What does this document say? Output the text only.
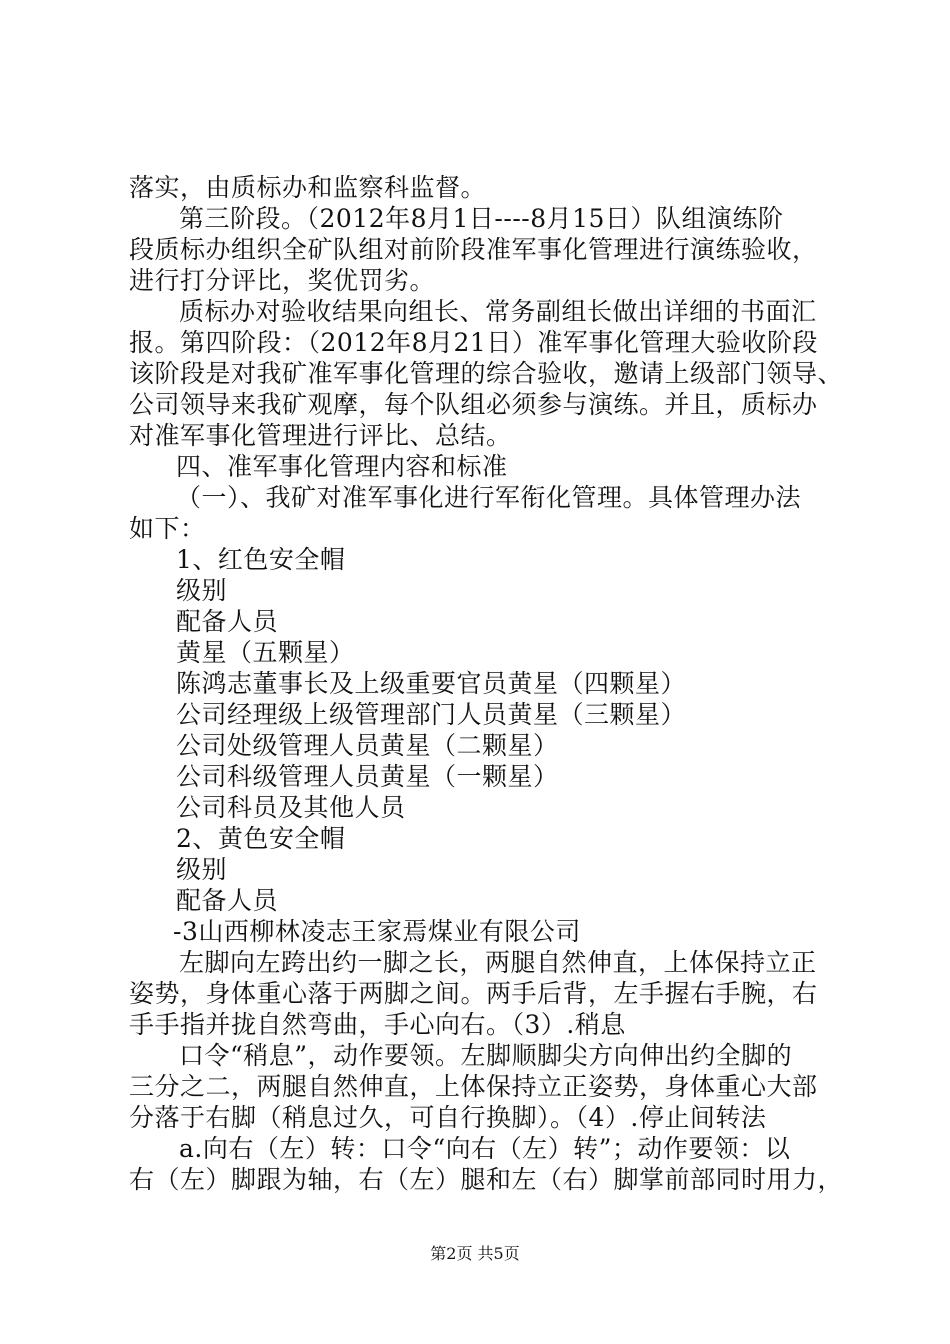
落实，由质标办和监察科监督。
第三阶段。（2012年8月1日----8月15日）队组演练阶
段质标办组织全矿队组对前阶段准军事化管理进行演练验收，
进行打分评比，奖优罚劣。
质标办对验收结果向组长、常务副组长做出详细的书面汇
报。第四阶段：（2012年8月21日）准军事化管理大验收阶段
该阶段是对我矿准军事化管理的综合验收，邀请上级部门领导、
公司领导来我矿观摩，每个队组必须参与演练。并且，质标办
对准军事化管理进行评比、总结。
四、准军事化管理内容和标准
（一）、我矿对准军事化进行军衔化管理。具体管理办法
如下：
1、红色安全帽
级别
配备人员
黄星（五颗星）
陈鸿志董事长及上级重要官员黄星（四颗星）
公司经理级上级管理部门人员黄星（三颗星）
公司处级管理人员黄星（二颗星）
公司科级管理人员黄星（一颗星）
公司科员及其他人员
2、黄色安全帽
级别
配备人员
-3山西柳林凌志王家焉煤业有限公司
左脚向左跨出约一脚之长，两腿自然伸直，上体保持立正
姿势，身体重心落于两脚之间。两手后背，左手握右手腕，右
手手指并拢自然弯曲，手心向右。（3）.稍息
口令“稍息”，动作要领。左脚顺脚尖方向伸出约全脚的
三分之二，两腿自然伸直，上体保持立正姿势，身体重心大部
分落于右脚（稍息过久，可自行换脚）。（4）.停止间转法
a.向右（左）转：口令“向右（左）转”；动作要领：以
右（左）脚跟为轴，右（左）腿和左（右）脚掌前部同时用力，
第2页 共5页
